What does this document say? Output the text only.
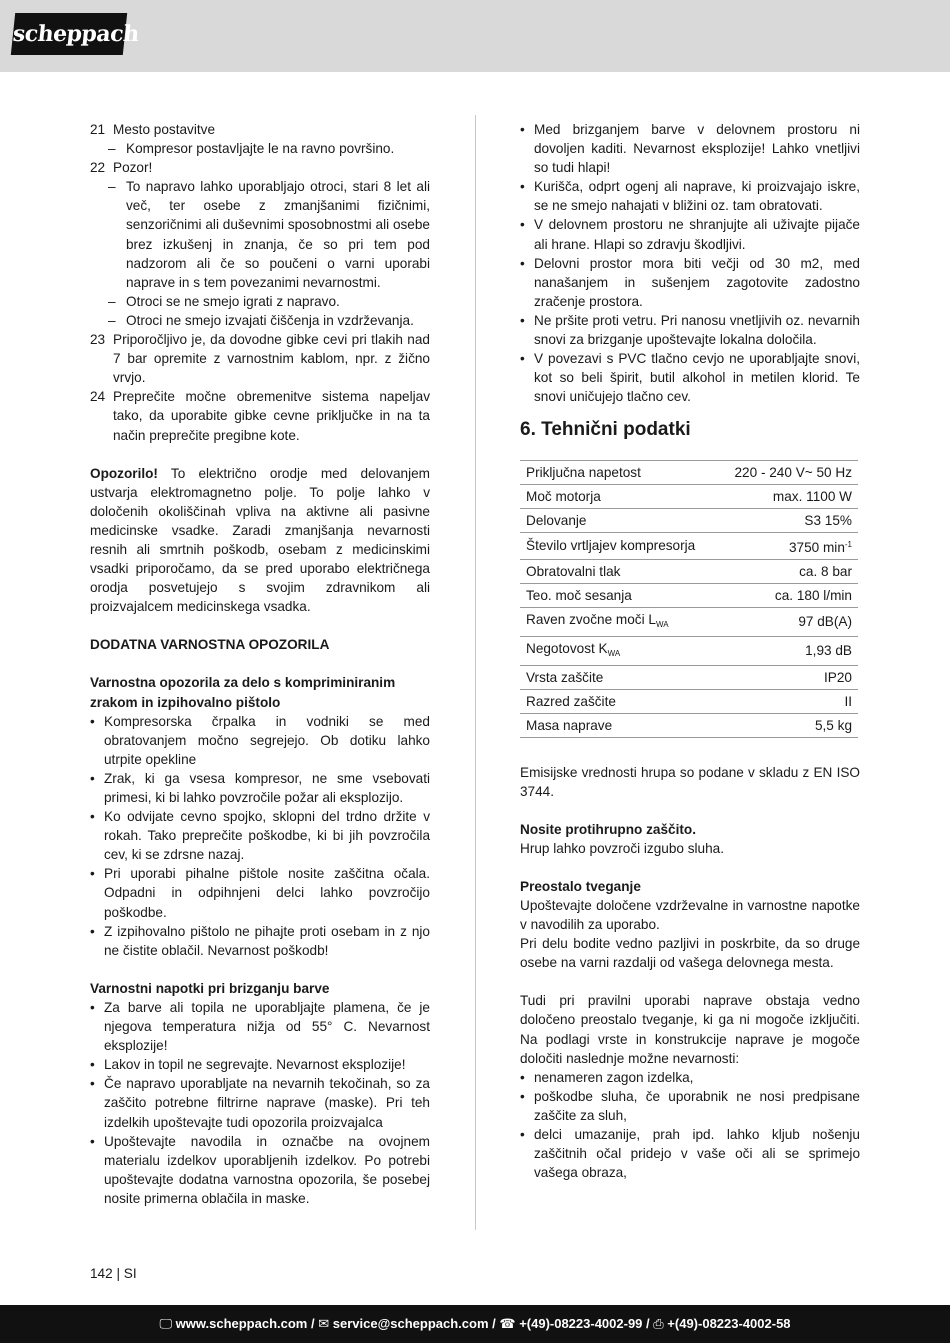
scheppach
21 Mesto postavitve
– Kompresor postavljajte le na ravno površino.
22 Pozor!
– To napravo lahko uporabljajo otroci, stari 8 let ali več, ter osebe z zmanjšanimi fizičnimi, senzoričnimi ali duševnimi sposobnostmi ali osebe brez izkušenj in znanja, če so pri tem pod nadzorom ali če so poučeni o varni uporabi naprave in s tem povezanimi nevarnostmi.
– Otroci se ne smejo igrati z napravo.
– Otroci ne smejo izvajati čiščenja in vzdrževanja.
23 Priporočljivo je, da dovodne gibke cevi pri tlakih nad 7 bar opremite z varnostnim kablom, npr. z žično vrvjo.
24 Preprečite močne obremenitve sistema napeljav tako, da uporabite gibke cevne priključke in na ta način preprečite pregibne kote.

Opozorilo! To električno orodje med delovanjem ustvarja elektromagnetno polje. To polje lahko v določenih okoliščinah vpliva na aktivne ali pasivne medicinske vsadke. Zaradi zmanjšanja nevarnosti resnih ali smrtnih poškodb, osebam z medicinskimi vsadki priporočamo, da se pred uporabo električnega orodja posvetujejo s svojim zdravnikom ali proizvajalcem medicinskega vsadka.

DODATNA VARNOSTNA OPOZORILA

Varnostna opozorila za delo s kompriminiranim zrakom in izpihovalno pištolo

• Kompresorska črpalka in vodniki se med obratovanjem močno segrejejo. Ob dotiku lahko utrpite opekline
• Zrak, ki ga vsesa kompresor, ne sme vsebovati primesi, ki bi lahko povzročile požar ali eksplozijo.
• Ko odvijate cevno spojko, sklopni del trdno držite v rokah. Tako preprečite poškodbe, ki bi jih povzročila cev, ki se zdrsne nazaj.
• Pri uporabi pihalne pištole nosite zaščitna očala. Odpadni in odpihnjeni delci lahko povzročijo poškodbe.
• Z izpihovalno pištolo ne pihajte proti osebam in z njo ne čistite oblačil. Nevarnost poškodb!

Varnostni napotki pri brizganju barve

• Za barve ali topila ne uporabljajte plamena, če je njegova temperatura nižja od 55° C. Nevarnost eksplozije!
• Lakov in topil ne segrevajte. Nevarnost eksplozije!
• Če napravo uporabljate na nevarnih tekočinah, so za zaščito potrebne filtrirne naprave (maske). Pri teh izdelkih upoštevajte tudi opozorila proizvajalca
• Upoštevajte navodila in označbe na ovojnem materialu izdelkov uporabljenih izdelkov. Po potrebi upoštevajte dodatna varnostna opozorila, še posebej nosite primerna oblačila in maske.
• Med brizganjem barve v delovnem prostoru ni dovoljen kaditi. Nevarnost eksplozije! Lahko vnetljivi so tudi hlapi!
• Kurišča, odprt ogenj ali naprave, ki proizvajajo iskre, se ne smejo nahajati v bližini oz. tam obratovati.
• V delovnem prostoru ne shranjujte ali uživajte pijače ali hrane. Hlapi so zdravju škodljivi.
• Delovni prostor mora biti večji od 30 m2, med nanašanjem in sušenjem zagotovite zadostno zračenje prostora.
• Ne pršite proti vetru. Pri nanosu vnetljivih oz. nevarnih snovi za brizganje upoštevajte lokalna določila.
• V povezavi s PVC tlačno cevjo ne uporabljajte snovi, kot so beli špirit, butil alkohol in metilen klorid. Te snovi uničujejo tlačno cev.
6. Tehnični podatki
Priključna napetost	220 - 240 V~ 50 Hz
Moč motorja	max. 1100 W
Delovanje	S3 15%
Število vrtljajev kompresorja	3750 $\min^{-1}$
Obratovalni tlak	ca. 8 bar
Teo. moč sesanja	ca. 180 l/min
Raven zvočne moči $L_{WA}$	97 dB(A)
Negotovost $K_{WA}$	1,93 dB
Vrsta zaščite	IP20
Razred zaščite	II
Masa naprave	5,5 kg

Emisijske vrednosti hrupa so podane v skladu z EN ISO 3744.

Nosite protihrupno zaščito.

Hrup lahko povzroči izgubo sluha.

Preostalo tveganje

Upoštevajte določene vzdrževalne in varnostne napotke v navodilih za uporabo.

Pri delu bodite vedno pazljivi in poskrbite, da so druge osebe na varni razdalji od vašega delovnega mesta.

Tudi pri pravilni uporabi naprave obstaja vedno določeno preostalo tveganje, ki ga ni mogoče izključiti. Na podlagi vrste in konstrukcije naprave je mogoče določiti naslednje možne nevarnosti:

• nenameren zagon izdelka,
• poškodbe sluha, če uporabnik ne nosi predpisane zaščite za sluh,
• delci umazanije, prah ipd. lahko kljub nošenju zaščitnih očal pridejo v vaše oči ali se sprimejo vašega obraza,
142 | SI
🖵 www.scheppach.com / ✉ service@scheppach.com / ☎ +(49)-08223-4002-99 / ⎙ +(49)-08223-4002-58
